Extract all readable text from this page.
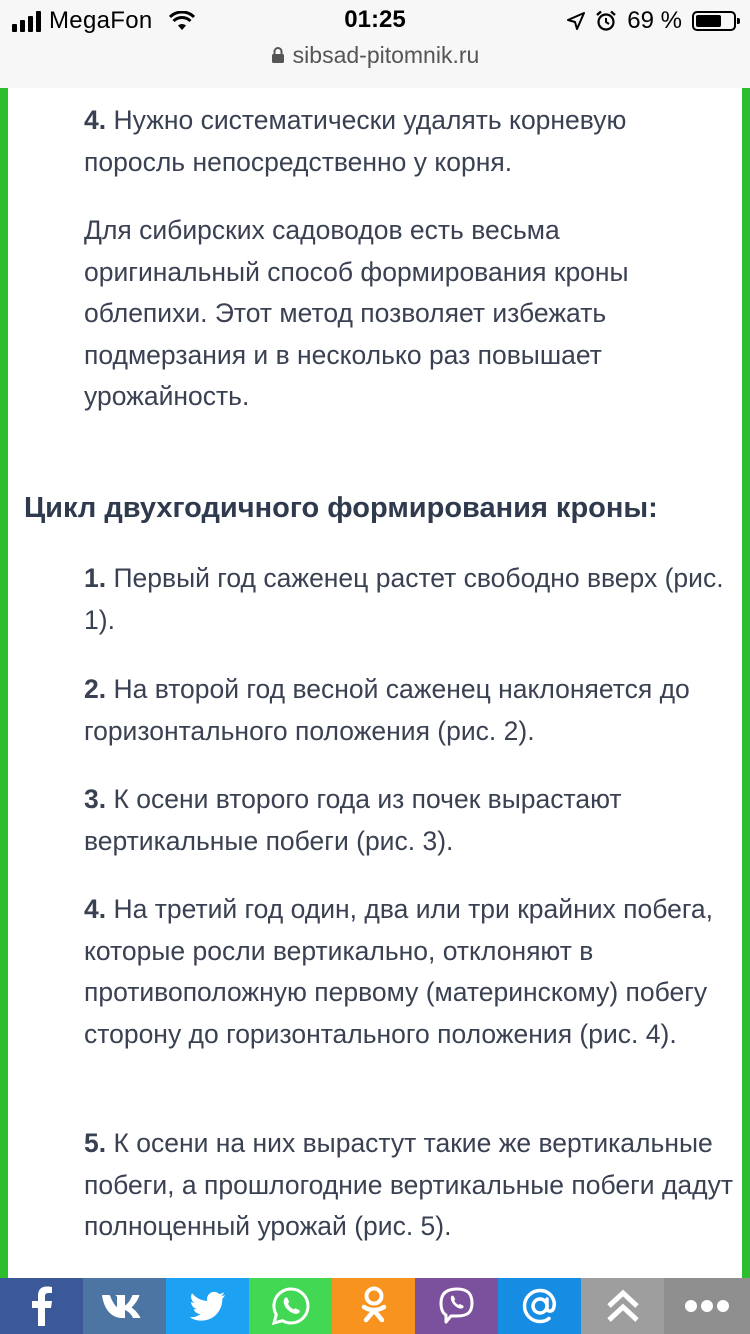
MegaFon	01:25	69 %
sibsad-pitomnik.ru

4. Нужно систематически удалять корневую поросль непосредственно у корня.

Для сибирских садоводов есть весьма оригинальный способ формирования кроны облепихи. Этот метод позволяет избежать подмерзания и в несколько раз повышает урожайность.

Цикл двухгодичного формирования кроны:

1. Первый год саженец растет свободно вверх (рис. 1).

2. На второй год весной саженец наклоняется до горизонтального положения (рис. 2).

3. К осени второго года из почек вырастают вертикальные побеги (рис. 3).

4. На третий год один, два или три крайних побега, которые росли вертикально, отклоняют в противоположную первому (материнскому) побегу сторону до горизонтального положения (рис. 4).

5. К осени на них вырастут такие же вертикальные побеги, а прошлогодние вертикальные побеги дадут полноценный урожай (рис. 5).
